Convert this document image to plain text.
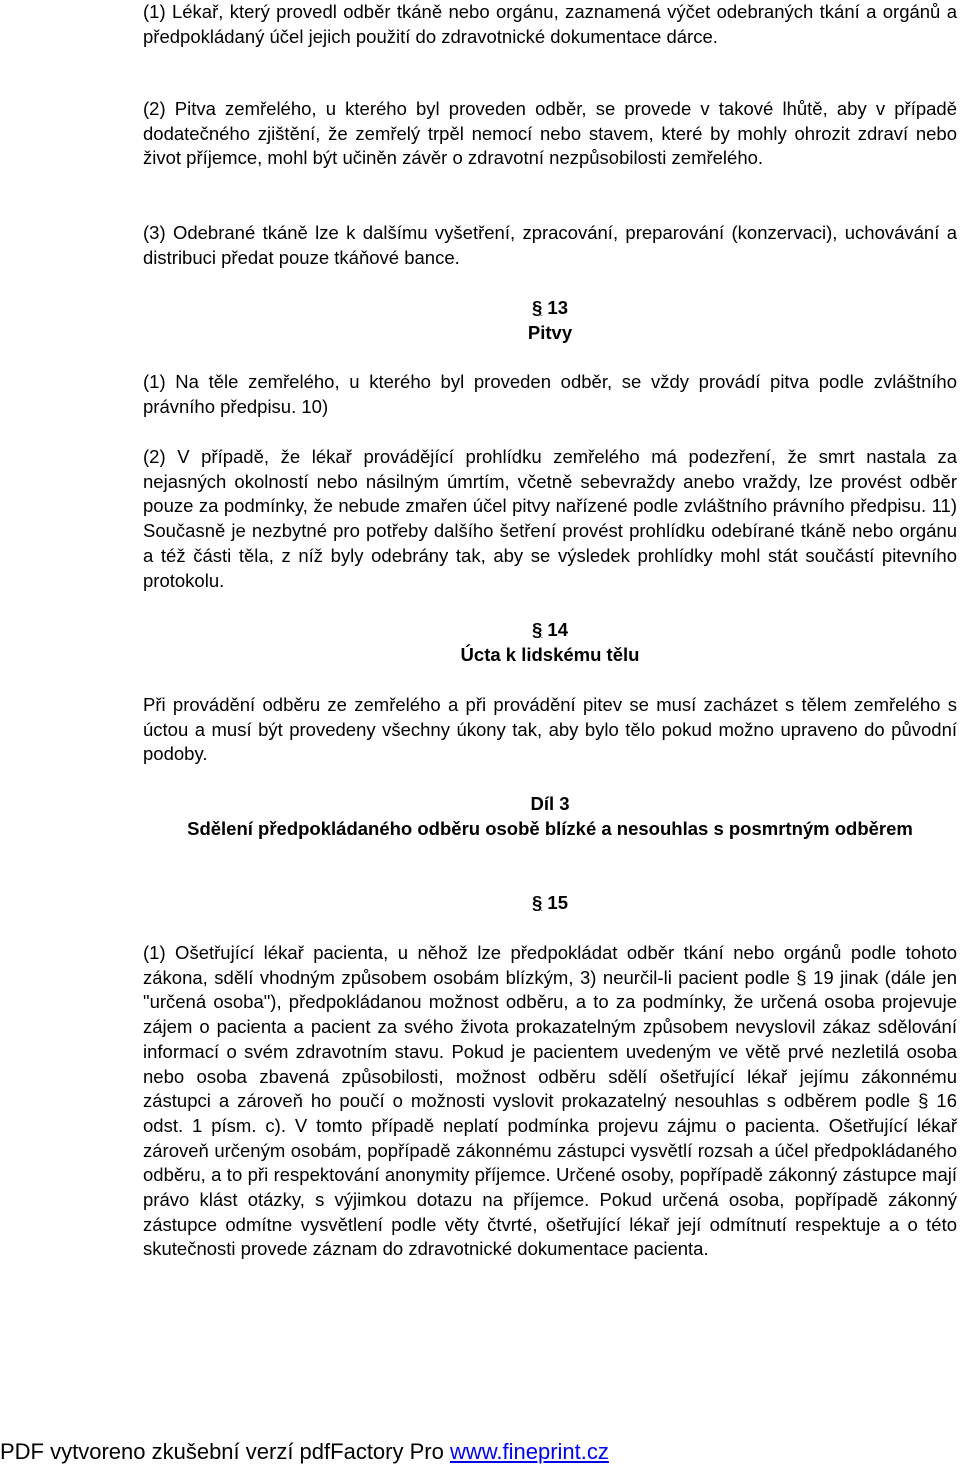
(1) Lékař, který provedl odběr tkáně nebo orgánu, zaznamená výčet odebraných tkání a orgánů a předpokládaný účel jejich použití do zdravotnické dokumentace dárce.

(2) Pitva zemřelého, u kterého byl proveden odběr, se provede v takové lhůtě, aby v případě dodatečného zjištění, že zemřelý trpěl nemocí nebo stavem, které by mohly ohrozit zdraví nebo život příjemce, mohl být učiněn závěr o zdravotní nezpůsobilosti zemřelého.

(3) Odebrané tkáně lze k dalšímu vyšetření, zpracování, preparování (konzervaci), uchovávání a distribuci předat pouze tkáňové bance.

§ 13

Pitvy

(1) Na těle zemřelého, u kterého byl proveden odběr, se vždy provádí pitva podle zvláštního právního předpisu. 10)

(2) V případě, že lékař provádějící prohlídku zemřelého má podezření, že smrt nastala za nejasných okolností nebo násilným úmrtím, včetně sebevraždy anebo vraždy, lze provést odběr pouze za podmínky, že nebude zmařen účel pitvy nařízené podle zvláštního právního předpisu. 11) Současně je nezbytné pro potřeby dalšího šetření provést prohlídku odebírané tkáně nebo orgánu a též části těla, z níž byly odebrány tak, aby se výsledek prohlídky mohl stát součástí pitevního protokolu.

§ 14

Úcta k lidskému tělu

Při provádění odběru ze zemřelého a při provádění pitev se musí zacházet s tělem zemřelého s úctou a musí být provedeny všechny úkony tak, aby bylo tělo pokud možno upraveno do původní podoby.

Díl 3

Sdělení předpokládaného odběru osobě blízké a nesouhlas s posmrtným odběrem

§ 15

(1) Ošetřující lékař pacienta, u něhož lze předpokládat odběr tkání nebo orgánů podle tohoto zákona, sdělí vhodným způsobem osobám blízkým, 3) neurčil-li pacient podle § 19 jinak (dále jen "určená osoba"), předpokládanou možnost odběru, a to za podmínky, že určená osoba projevuje zájem o pacienta a pacient za svého života prokazatelným způsobem nevyslovil zákaz sdělování informací o svém zdravotním stavu. Pokud je pacientem uvedeným ve větě prvé nezletilá osoba nebo osoba zbavená způsobilosti, možnost odběru sdělí ošetřující lékař jejímu zákonnému zástupci a zároveň ho poučí o možnosti vyslovit prokazatelný nesouhlas s odběrem podle § 16 odst. 1 písm. c). V tomto případě neplatí podmínka projevu zájmu o pacienta. Ošetřující lékař zároveň určeným osobám, popřípadě zákonnému zástupci vysvětlí rozsah a účel předpokládaného odběru, a to při respektování anonymity příjemce. Určené osoby, popřípadě zákonný zástupce mají právo klást otázky, s výjimkou dotazu na příjemce. Pokud určená osoba, popřípadě zákonný zástupce odmítne vysvětlení podle věty čtvrté, ošetřující lékař její odmítnutí respektuje a o této skutečnosti provede záznam do zdravotnické dokumentace pacienta.

PDF vytvoreno zkušební verzí pdfFactory Pro www.fineprint.cz
